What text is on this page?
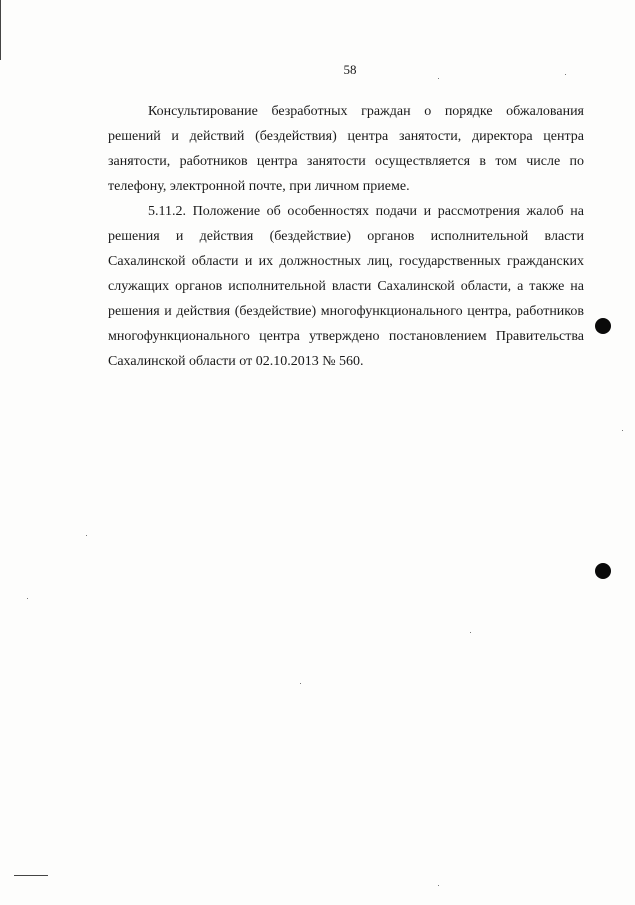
58

Консультирование безработных граждан о порядке обжалования решений и действий (бездействия) центра занятости, директора центра занятости, работников центра занятости осуществляется в том числе по телефону, электронной почте, при личном приеме.

5.11.2. Положение об особенностях подачи и рассмотрения жалоб на решения и действия (бездействие) органов исполнительной власти Сахалинской области и их должностных лиц, государственных гражданских служащих органов исполнительной власти Сахалинской области, а также на решения и действия (бездействие) многофункционального центра, работников многофункционального центра утверждено постановлением Правительства Сахалинской области от 02.10.2013 № 560.
